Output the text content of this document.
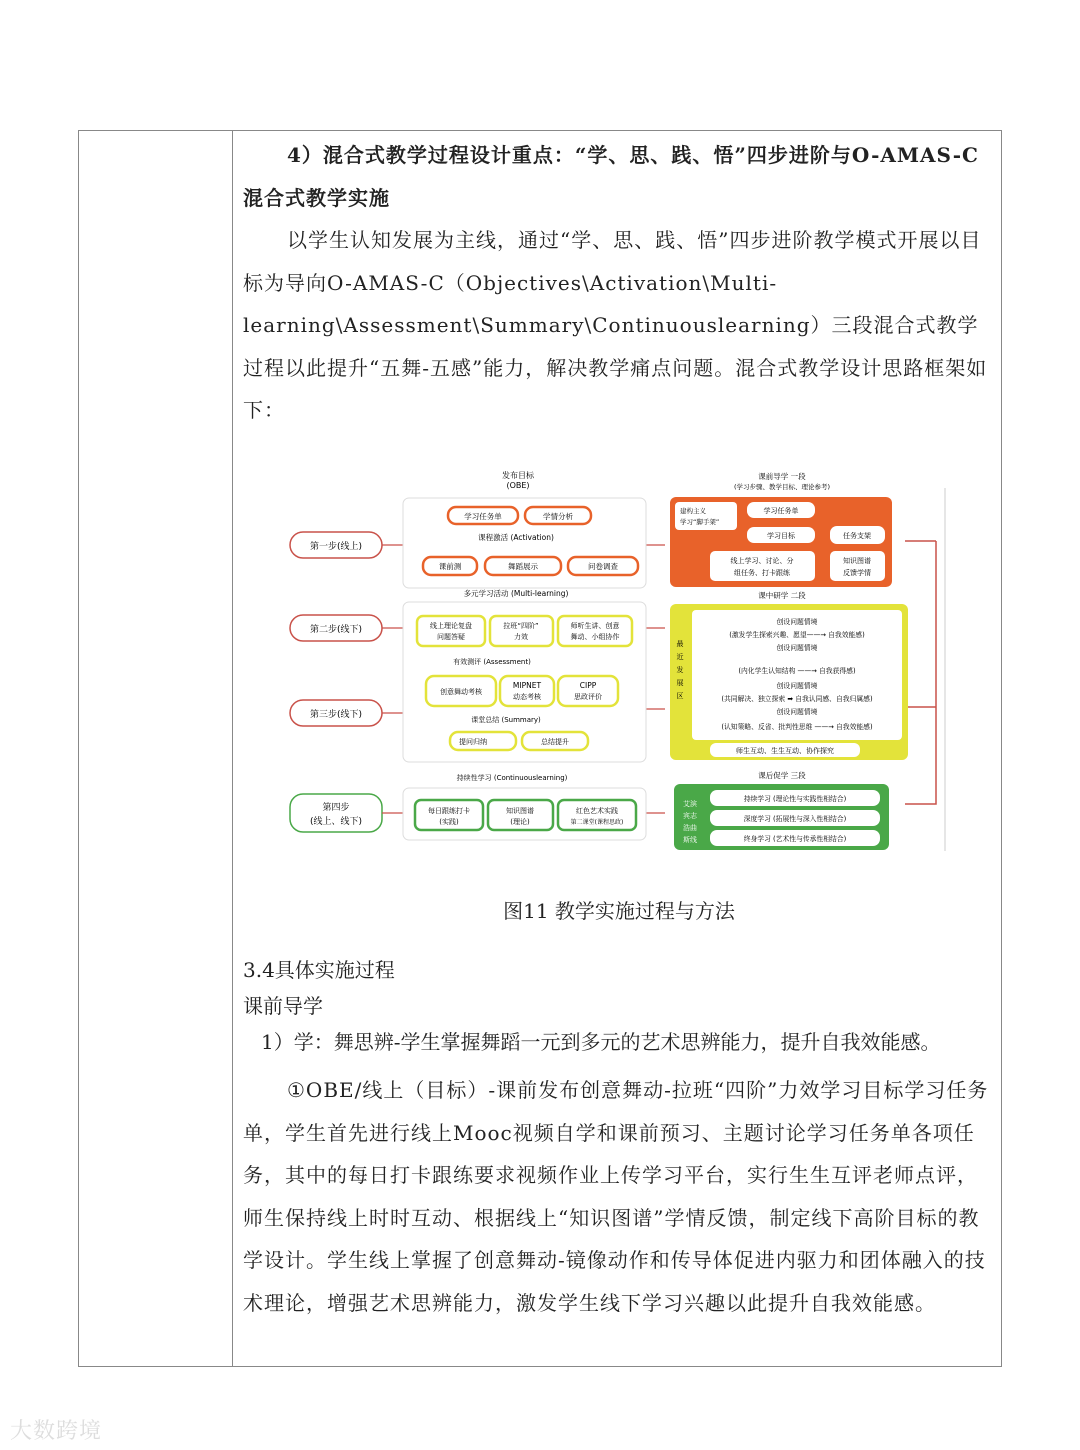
4）混合式教学过程设计重点：“学、思、践、悟”四步进阶与O-AMAS-C混合式教学实施

以学生认知发展为主线，通过“学、思、践、悟”四步进阶教学模式开展以目标为导向O-AMAS-C（Objectives\Activation\Multi-learning\Assessment\Summary\Continuouslearning）三段混合式教学过程以此提升“五舞-五感”能力，解决教学痛点问题。混合式教学设计思路框架如下：

图11 教学实施过程与方法
3.4具体实施过程
课前导学
1）学：舞思辨-学生掌握舞蹈一元到多元的艺术思辨能力，提升自我效能感。

①OBE/线上（目标）-课前发布创意舞动-拉班“四阶”力效学习目标学习任务单，学生首先进行线上Mooc视频自学和课前预习、主题讨论学习任务单各项任务，其中的每日打卡跟练要求视频作业上传学习平台，实行生生互评老师点评，师生保持线上时时互动、根据线上“知识图谱”学情反馈，制定线下高阶目标的教学设计。学生线上掌握了创意舞动-镜像动作和传导体促进内驱力和团体融入的技术理论，增强艺术思辨能力，激发学生线下学习兴趣以此提升自我效能感。

发布目标
(OBE)
第一步(线上)
第二步(线下)
第三步(线下)
第四步
(线上、线下)
学习任务单	学情分析
课程激活 (Activation)
课前测	舞蹈展示	问卷调查
多元学习活动 (Multi-learning)
线上理论复盘
问题答疑
拉班“四阶”
力效
师听生讲、创意
舞动、小组协作
有效测评 (Assessment)
创意舞动考核
MIPNET
动态考核
CIPP
思政评价
课堂总结 (Summary)
提问归纳	总结提升
持续性学习 (Continuouslearning)
每日跟练打卡
(实践)
知识图谱
(理论)
红色艺术实践
第二课堂(课程思政)
课前导学 一段
(学习步骤、教学目标、理论参考)
建构主义
学习“脚手架”
学习任务单
学习目标	任务支架
线上学习、讨论、分
组任务、打卡跟练
知识图谱
反馈学情
课中研学 二段
最
近
发
展
区
创设问题情境
(激发学生探索兴趣、愿望——→ 自我效能感)
创设问题情境
(内化学生认知结构 ——→ 自我获得感)
创设问题情境
(共同解决、独立探索 ➡ 自我认同感、自我归属感)
创设问题情境
(认知策略、反省、批判性思维 ——→ 自我效能感)
师生互动、生生互动、协作探究
课后促学 三段
艾滨
宾志
浩曲
斯线
持续学习 (理论性与实践性相结合)
深度学习 (拓展性与深入性相结合)
终身学习 (艺术性与传承性相结合)
大数跨境
